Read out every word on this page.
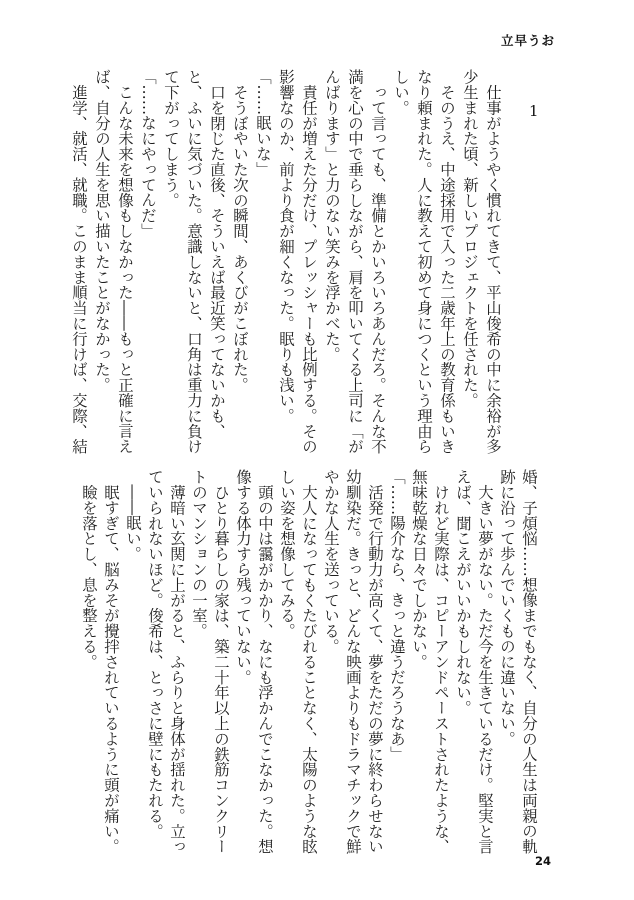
立早うお
1

　仕事がようやく慣れてきて、平山俊希の中に余裕が多少生まれた頃、新しいプロジェクトを任された。

　そのうえ、中途採用で入った二歳年上の教育係もいきなり頼まれた。人に教えて初めて身につくという理由らしい。

　って言っても、準備とかいろいろあんだろ。そんな不満を心の中で垂らしながら、肩を叩いてくる上司に「がんばります」と力のない笑みを浮かべた。

　責任が増えた分だけ、プレッシャーも比例する。その影響なのか、前より食が細くなった。眠りも浅い。

「……眠いな」

　そうぼやいた次の瞬間、あくびがこぼれた。

　口を閉じた直後、そういえば最近笑ってないかも、と、ふいに気づいた。意識しないと、口角は重力に負けて下がってしまう。

「……なにやってんだ」

　こんな未来を想像もしなかった――もっと正確に言えば、自分の人生を思い描いたことがなかった。

　進学、就活、就職。このまま順当に行けば、交際、結

婚、子煩悩……想像までもなく、自分の人生は両親の軌跡に沿って歩んでいくものに違いない。

　大きい夢がない。ただ今を生きているだけ。堅実と言えば、聞こえがいいかもしれない。

　けれど実際は、コピーアンドペーストされたような、無味乾燥な日々でしかない。

「……陽介なら、きっと違うだろうなあ」

　活発で行動力が高くて、夢をただの夢に終わらせない幼馴染だ。きっと、どんな映画よりもドラマチックで鮮やかな人生を送っている。

　大人になってもくたびれることなく、太陽のような眩しい姿を想像してみる。

　頭の中は靄がかかり、なにも浮かんでこなかった。想像する体力すら残っていない。

　ひとり暮らしの家は、築二十年以上の鉄筋コンクリートのマンションの一室。

　薄暗い玄関に上がると、ふらりと身体が揺れた。立っていられないほど。俊希は、とっさに壁にもたれる。

　――眠い。

　眠すぎて、脳みそが攪拌されているように頭が痛い。

　瞼を落とし、息を整える。

24
